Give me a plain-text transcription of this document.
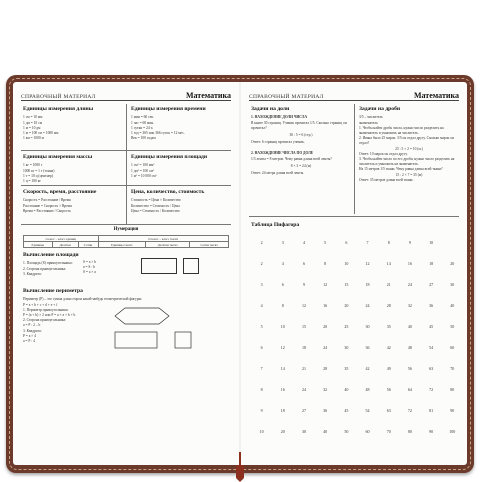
СПРАВОЧНЫЙ МАТЕРИАЛ	Математика
Единицы измерения длины
1 см = 10 мм
1 дм = 10 см
1 м = 10 дм
1 м = 100 см = 1000 мм
1 км = 1000 м
Единицы измерения времени
1 мин = 60 сек.
1 час = 60 мин.
1 сутки = 24 ч.
1 год = 365 или 366 суток = 12 мес.
Век = 100 годам
Единицы измерения массы
1 кг = 1000 г
1000 кг = 1 т (тонна)
1 т = 10 ц (центнер)
1 ц = 100 кг
Единицы измерения площади
1 см² = 100 мм²
1 дм² = 100 см²
1 м² = 10 000 см²
Скорость, время, расстояние
Скорость = Расстояние / Время
Расстояние = Скорость × Время
Время = Расстояние / Скорость
Цена, количество, стоимость
Стоимость = Цена × Количество
Количество = Стоимость / Цена
Цена = Стоимость / Количество
Нумерация
I класс – класс единиц			II класс – класс тысяч		
Единицы	Десятки	Сотни	Единицы тысяч	Десятки тысяч	Сотни тысяч
Вычисление площади
1. Площадь (S) прямоугольника:
2. Сторона прямоугольника:
3. Квадрата:
S = a × b
a = S : b
S = a × a
Вычисление периметра
Периметр (P) – это сумма длин сторон какой-нибудь геометрической фигуры:
P = a + b + c + d + e + f
1. Периметр прямоугольника:
P = (a + b) × 2 или P = a + a + b + b
2. Сторона прямоугольника:
a = P : 2 – b
3. Квадрата:
P = a × 4
a = P : 4
СПРАВОЧНЫЙ МАТЕРИАЛ	Математика
Задачи на доли
1. НАХОЖДЕНИЕ ДОЛИ ЧИСЛА
В книге 30 страниц. Ученик прочитал 1/5. Сколько страниц он прочитал?
30 : 5 = 6 (стр.)
Ответ: 6 страниц прочитал ученик.
2. НАХОЖДЕНИЕ ЧИСЛА ПО ДОЛЕ
1/3 ленты = 8 метров. Чему равна длина всей ленты?
8 × 3 = 24 (м)
Ответ: 24 метра длина всей ленты.
Задачи на дроби
3/5 – числитель
знаменатель
1. Чтобы найти дробь числа, нужно число разделить на знаменатель и умножить на числитель.
2. Ивана было 25 марок. 3/5 он отдал другу. Сколько марок он отдал?
25 : 5 × 2 = 10 (м.)
Ответ: 10 марок он отдал другу.
3. Чтобы найти число по его дроби, нужно число разделить на числитель и умножить на знаменатель.
На 15 метров 1/5 ткани. Чему равна длина всей ткани?
15 : 2 × 7 = 35 (м)
Ответ: 35 метров длина всей ткани.
Таблица Пифагора
2	3	4	5	6	7	8	9	10
2	4	6	8	10	12	14	16	18	20
3	6	9	12	15	18	21	24	27	30
4	8	12	16	20	24	28	32	36	40
5	10	15	20	25	30	35	40	45	50
6	12	18	24	30	36	42	48	54	60
7	14	21	28	35	42	49	56	63	70
8	16	24	32	40	48	56	64	72	80
9	18	27	36	45	54	63	72	81	90
10	20	30	40	50	60	70	80	90	100
